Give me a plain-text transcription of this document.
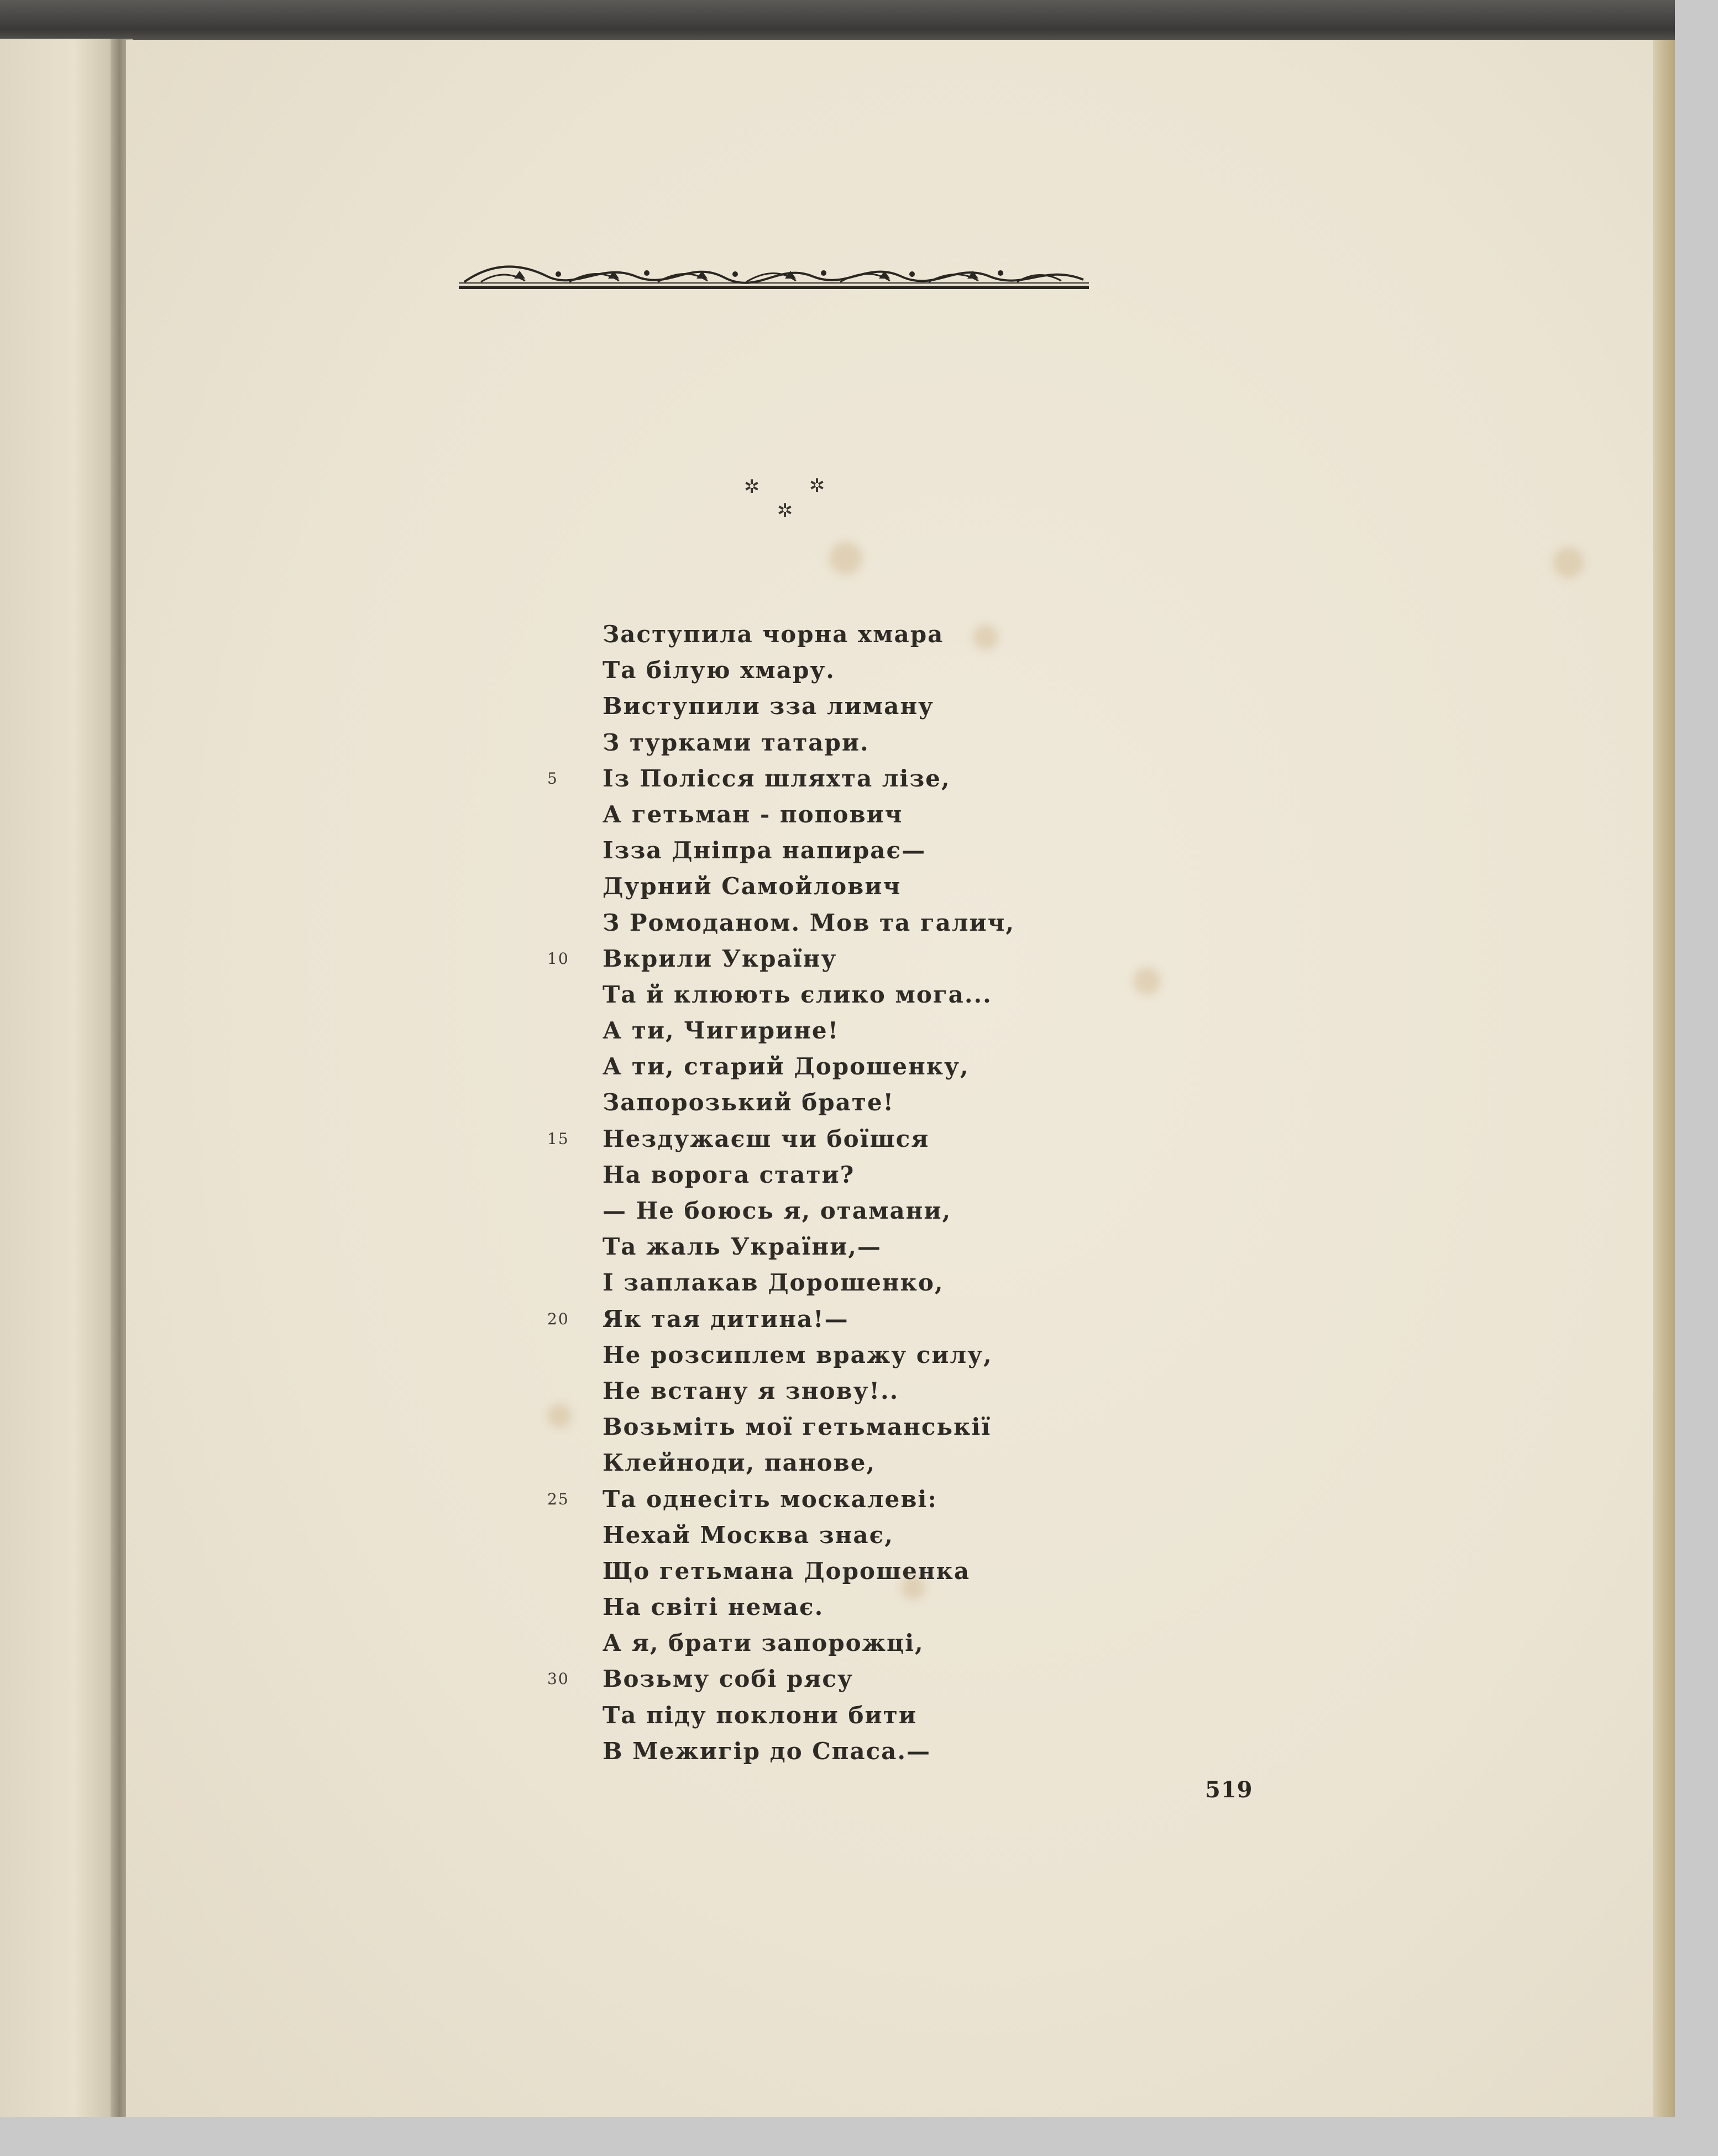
✲	✲
✲
Заступила чорна хмара
Та білую хмару.
Виступили зза лиману
З турками татари.
5	Із Полісся шляхта лізе,
А гетьман - попович
Ізза Дніпра напирає—
Дурний Самойлович
З Ромоданом. Мов та галич,
10	Вкрили Україну
Та й клюють єлико мога...
А ти, Чигирине!
А ти, старий Дорошенку,
Запорозький брате!
15	Нездужаєш чи боїшся
На ворога стати?
— Не боюсь я, отамани,
Та жаль України,—
І заплакав Дорошенко,
20	Як тая дитина!—
Не розсиплем вражу силу,
Не встану я знову!..
Возьміть мої гетьманськії
Клейноди, панове,
25	Та однесіть москалеві:
Нехай Москва знає,
Що гетьмана Дорошенка
На світі немає.
А я, брати запорожці,
30	Возьму собі рясу
Та піду поклони бити
В Межигір до Спаса.—
519
